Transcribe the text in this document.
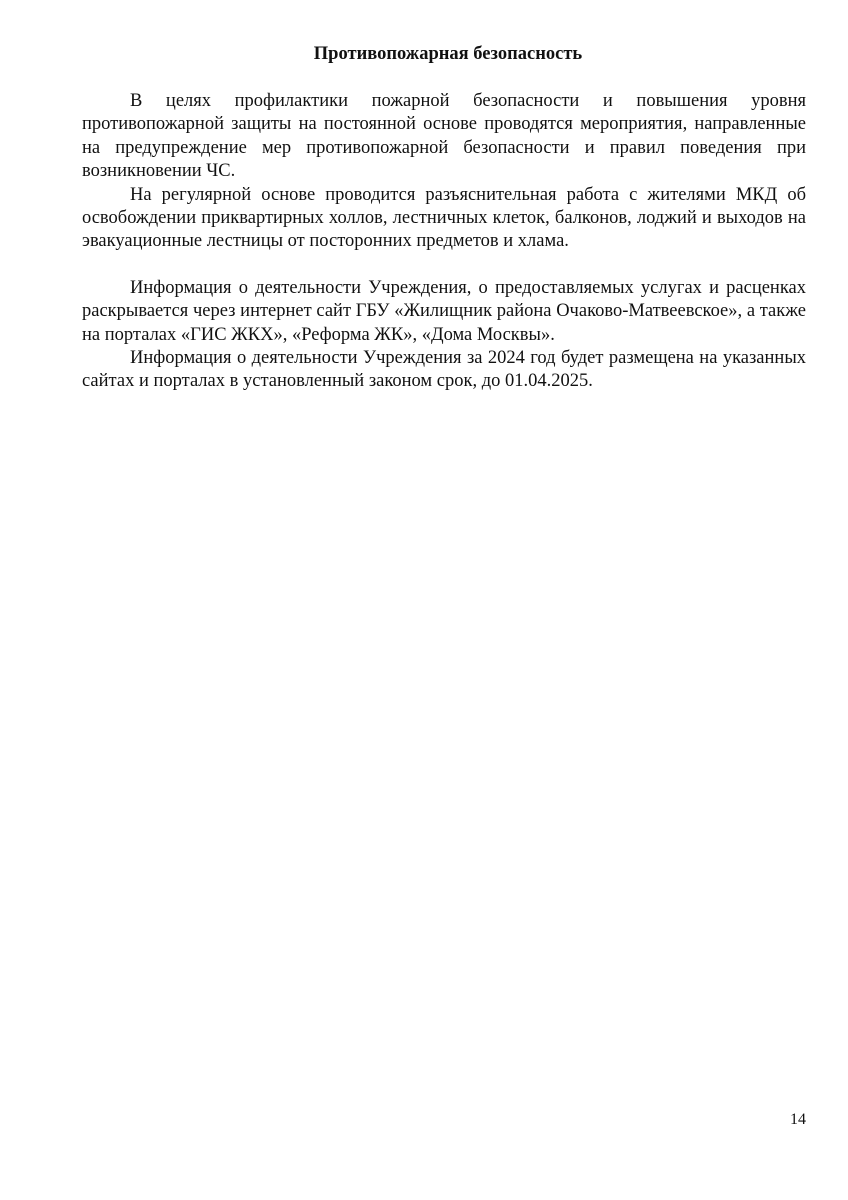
Противопожарная безопасность

В целях профилактики пожарной безопасности и повышения уровня противопожарной защиты на постоянной основе проводятся мероприятия, направленные на предупреждение мер противопожарной безопасности и правил поведения при возникновении ЧС.

На регулярной основе проводится разъяснительная работа с жителями МКД об освобождении приквартирных холлов, лестничных клеток, балконов, лоджий и выходов на эвакуационные лестницы от посторонних предметов и хлама.

Информация о деятельности Учреждения, о предоставляемых услугах и расценках раскрывается через интернет сайт ГБУ «Жилищник района Очаково-Матвеевское», а также на порталах «ГИС ЖКХ», «Реформа ЖК», «Дома Москвы».

Информация о деятельности Учреждения за 2024 год будет размещена на указанных сайтах и порталах в установленный законом срок, до 01.04.2025.

14
